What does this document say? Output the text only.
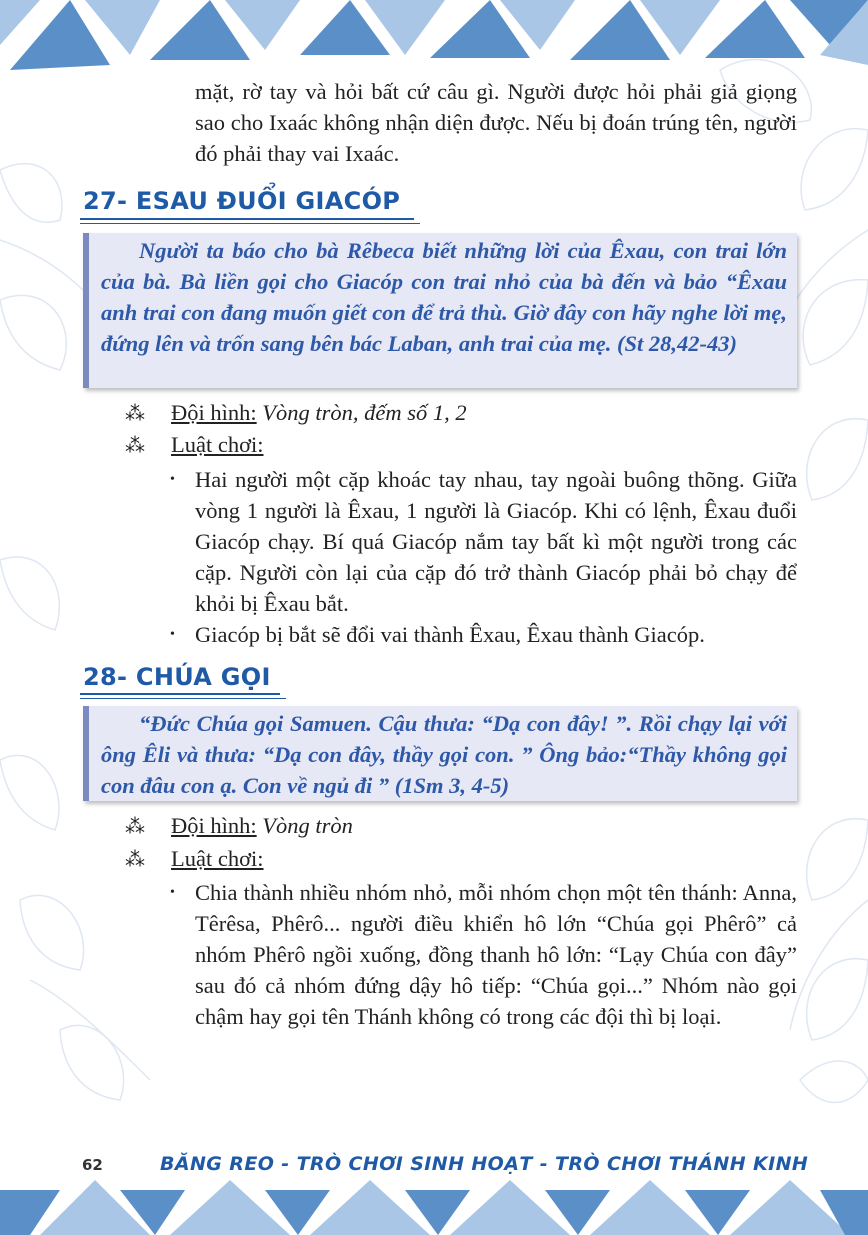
mặt, rờ tay và hỏi bất cứ câu gì. Người được hỏi phải giả giọng sao cho Ixaác không nhận diện được. Nếu bị đoán trúng tên, người đó phải thay vai Ixaác.

27- ESAU ĐUỔI GIACÓP

Người ta báo cho bà Rêbeca biết những lời của Êxau, con trai lớn của bà. Bà liền gọi cho Giacóp con trai nhỏ của bà đến và bảo “Êxau anh trai con đang muốn giết con để trả thù. Giờ đây con hãy nghe lời mẹ, đứng lên và trốn sang bên bác Laban, anh trai của mẹ. (St 28,42-43)

⁂ Đội hình: Vòng tròn, đếm số 1, 2
⁂ Luật chơi:
• Hai người một cặp khoác tay nhau, tay ngoài buông thõng. Giữa vòng 1 người là Êxau, 1 người là Giacóp. Khi có lệnh, Êxau đuổi Giacóp chạy. Bí quá Giacóp nắm tay bất kì một người trong các cặp. Người còn lại của cặp đó trở thành Giacóp phải bỏ chạy để khỏi bị Êxau bắt.

• Giacóp bị bắt sẽ đổi vai thành Êxau, Êxau thành Giacóp.

28- CHÚA GỌI

“Đức Chúa gọi Samuen. Cậu thưa: “Dạ con đây! ”. Rồi chạy lại với ông Êli và thưa: “Dạ con đây, thầy gọi con. ” Ông bảo:“Thầy không gọi con đâu con ạ. Con về ngủ đi ” (1Sm 3, 4-5)

⁂ Đội hình: Vòng tròn
⁂ Luật chơi:
• Chia thành nhiều nhóm nhỏ, mỗi nhóm chọn một tên thánh: Anna, Têrêsa, Phêrô... người điều khiển hô lớn “Chúa gọi Phêrô” cả nhóm Phêrô ngồi xuống, đồng thanh hô lớn: “Lạy Chúa con đây” sau đó cả nhóm đứng dậy hô tiếp: “Chúa gọi...” Nhóm nào gọi chậm hay gọi tên Thánh không có trong các đội thì bị loại.

62	BĂNG REO - TRÒ CHƠI SINH HOẠT - TRÒ CHƠI THÁNH KINH
